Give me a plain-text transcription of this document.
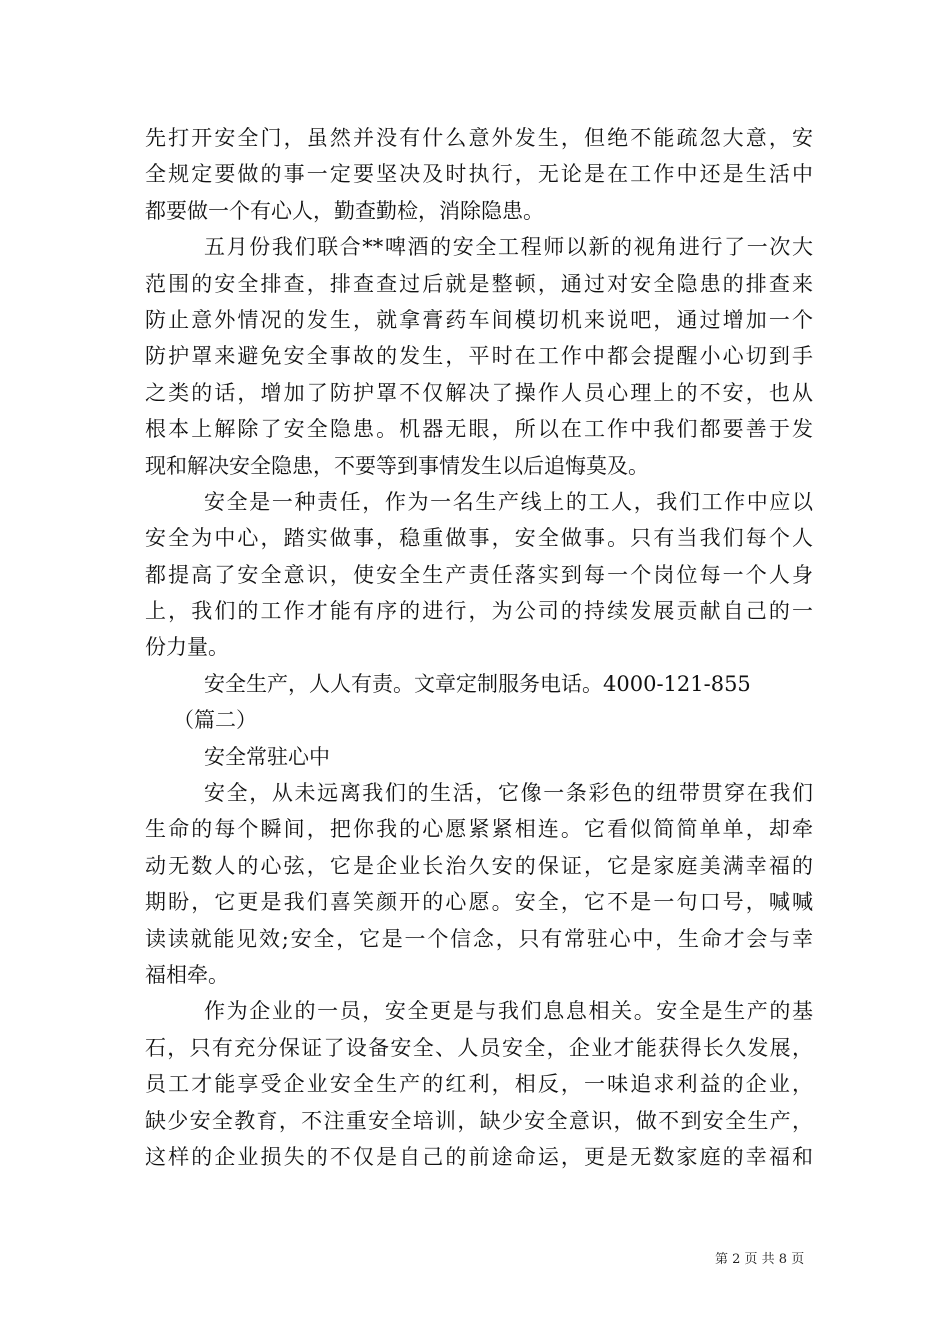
先打开安全门，虽然并没有什么意外发生，但绝不能疏忽大意，安
全规定要做的事一定要坚决及时执行，无论是在工作中还是生活中
都要做一个有心人，勤查勤检，消除隐患。
五月份我们联合**啤酒的安全工程师以新的视角进行了一次大
范围的安全排查，排查查过后就是整顿，通过对安全隐患的排查来
防止意外情况的发生，就拿膏药车间模切机来说吧，通过增加一个
防护罩来避免安全事故的发生，平时在工作中都会提醒小心切到手
之类的话，增加了防护罩不仅解决了操作人员心理上的不安，也从
根本上解除了安全隐患。机器无眼，所以在工作中我们都要善于发
现和解决安全隐患，不要等到事情发生以后追悔莫及。
安全是一种责任，作为一名生产线上的工人，我们工作中应以
安全为中心，踏实做事，稳重做事，安全做事。只有当我们每个人
都提高了安全意识，使安全生产责任落实到每一个岗位每一个人身
上，我们的工作才能有序的进行，为公司的持续发展贡献自己的一
份力量。
安全生产，人人有责。文章定制服务电话。4000-121-855
（篇二）
安全常驻心中
安全，从未远离我们的生活，它像一条彩色的纽带贯穿在我们
生命的每个瞬间，把你我的心愿紧紧相连。它看似简简单单，却牵
动无数人的心弦，它是企业长治久安的保证，它是家庭美满幸福的
期盼，它更是我们喜笑颜开的心愿。安全，它不是一句口号，喊喊
读读就能见效;安全，它是一个信念，只有常驻心中，生命才会与幸
福相牵。
作为企业的一员，安全更是与我们息息相关。安全是生产的基
石，只有充分保证了设备安全、人员安全，企业才能获得长久发展，
员工才能享受企业安全生产的红利，相反，一味追求利益的企业，
缺少安全教育，不注重安全培训，缺少安全意识，做不到安全生产，
这样的企业损失的不仅是自己的前途命运，更是无数家庭的幸福和
第 2 页 共 8 页
